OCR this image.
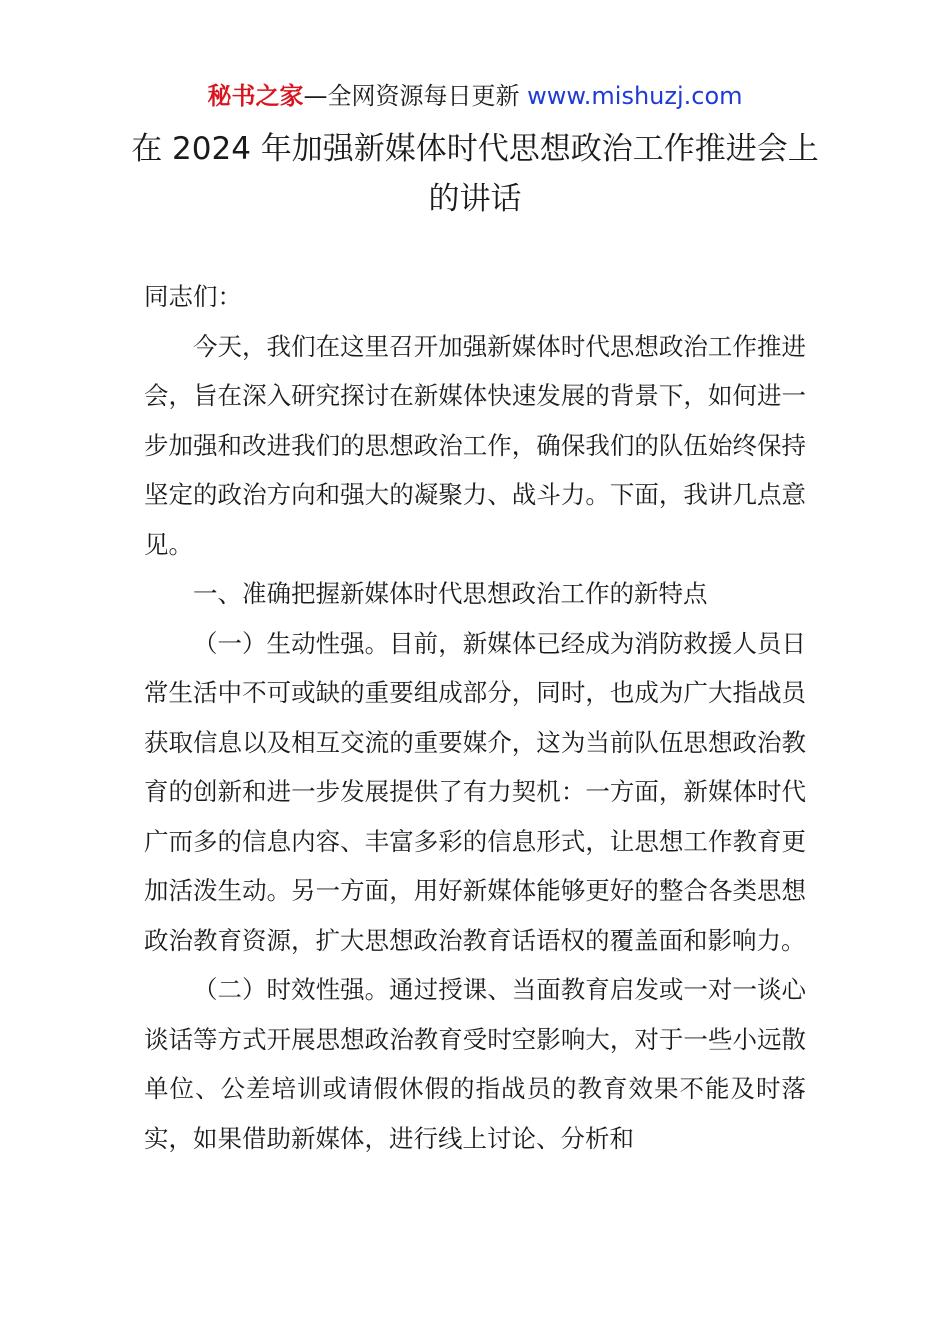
秘书之家—全网资源每日更新 www.mishuzj.com
在 2024 年加强新媒体时代思想政治工作推进会上的讲话

同志们：

今天，我们在这里召开加强新媒体时代思想政治工作推进会，旨在深入研究探讨在新媒体快速发展的背景下，如何进一步加强和改进我们的思想政治工作，确保我们的队伍始终保持坚定的政治方向和强大的凝聚力、战斗力。下面，我讲几点意见。

一、准确把握新媒体时代思想政治工作的新特点

（一）生动性强。目前，新媒体已经成为消防救援人员日常生活中不可或缺的重要组成部分，同时，也成为广大指战员获取信息以及相互交流的重要媒介，这为当前队伍思想政治教育的创新和进一步发展提供了有力契机：一方面，新媒体时代广而多的信息内容、丰富多彩的信息形式，让思想工作教育更加活泼生动。另一方面，用好新媒体能够更好的整合各类思想政治教育资源，扩大思想政治教育话语权的覆盖面和影响力。

（二）时效性强。通过授课、当面教育启发或一对一谈心谈话等方式开展思想政治教育受时空影响大，对于一些小远散单位、公差培训或请假休假的指战员的教育效果不能及时落实，如果借助新媒体，进行线上讨论、分析和
